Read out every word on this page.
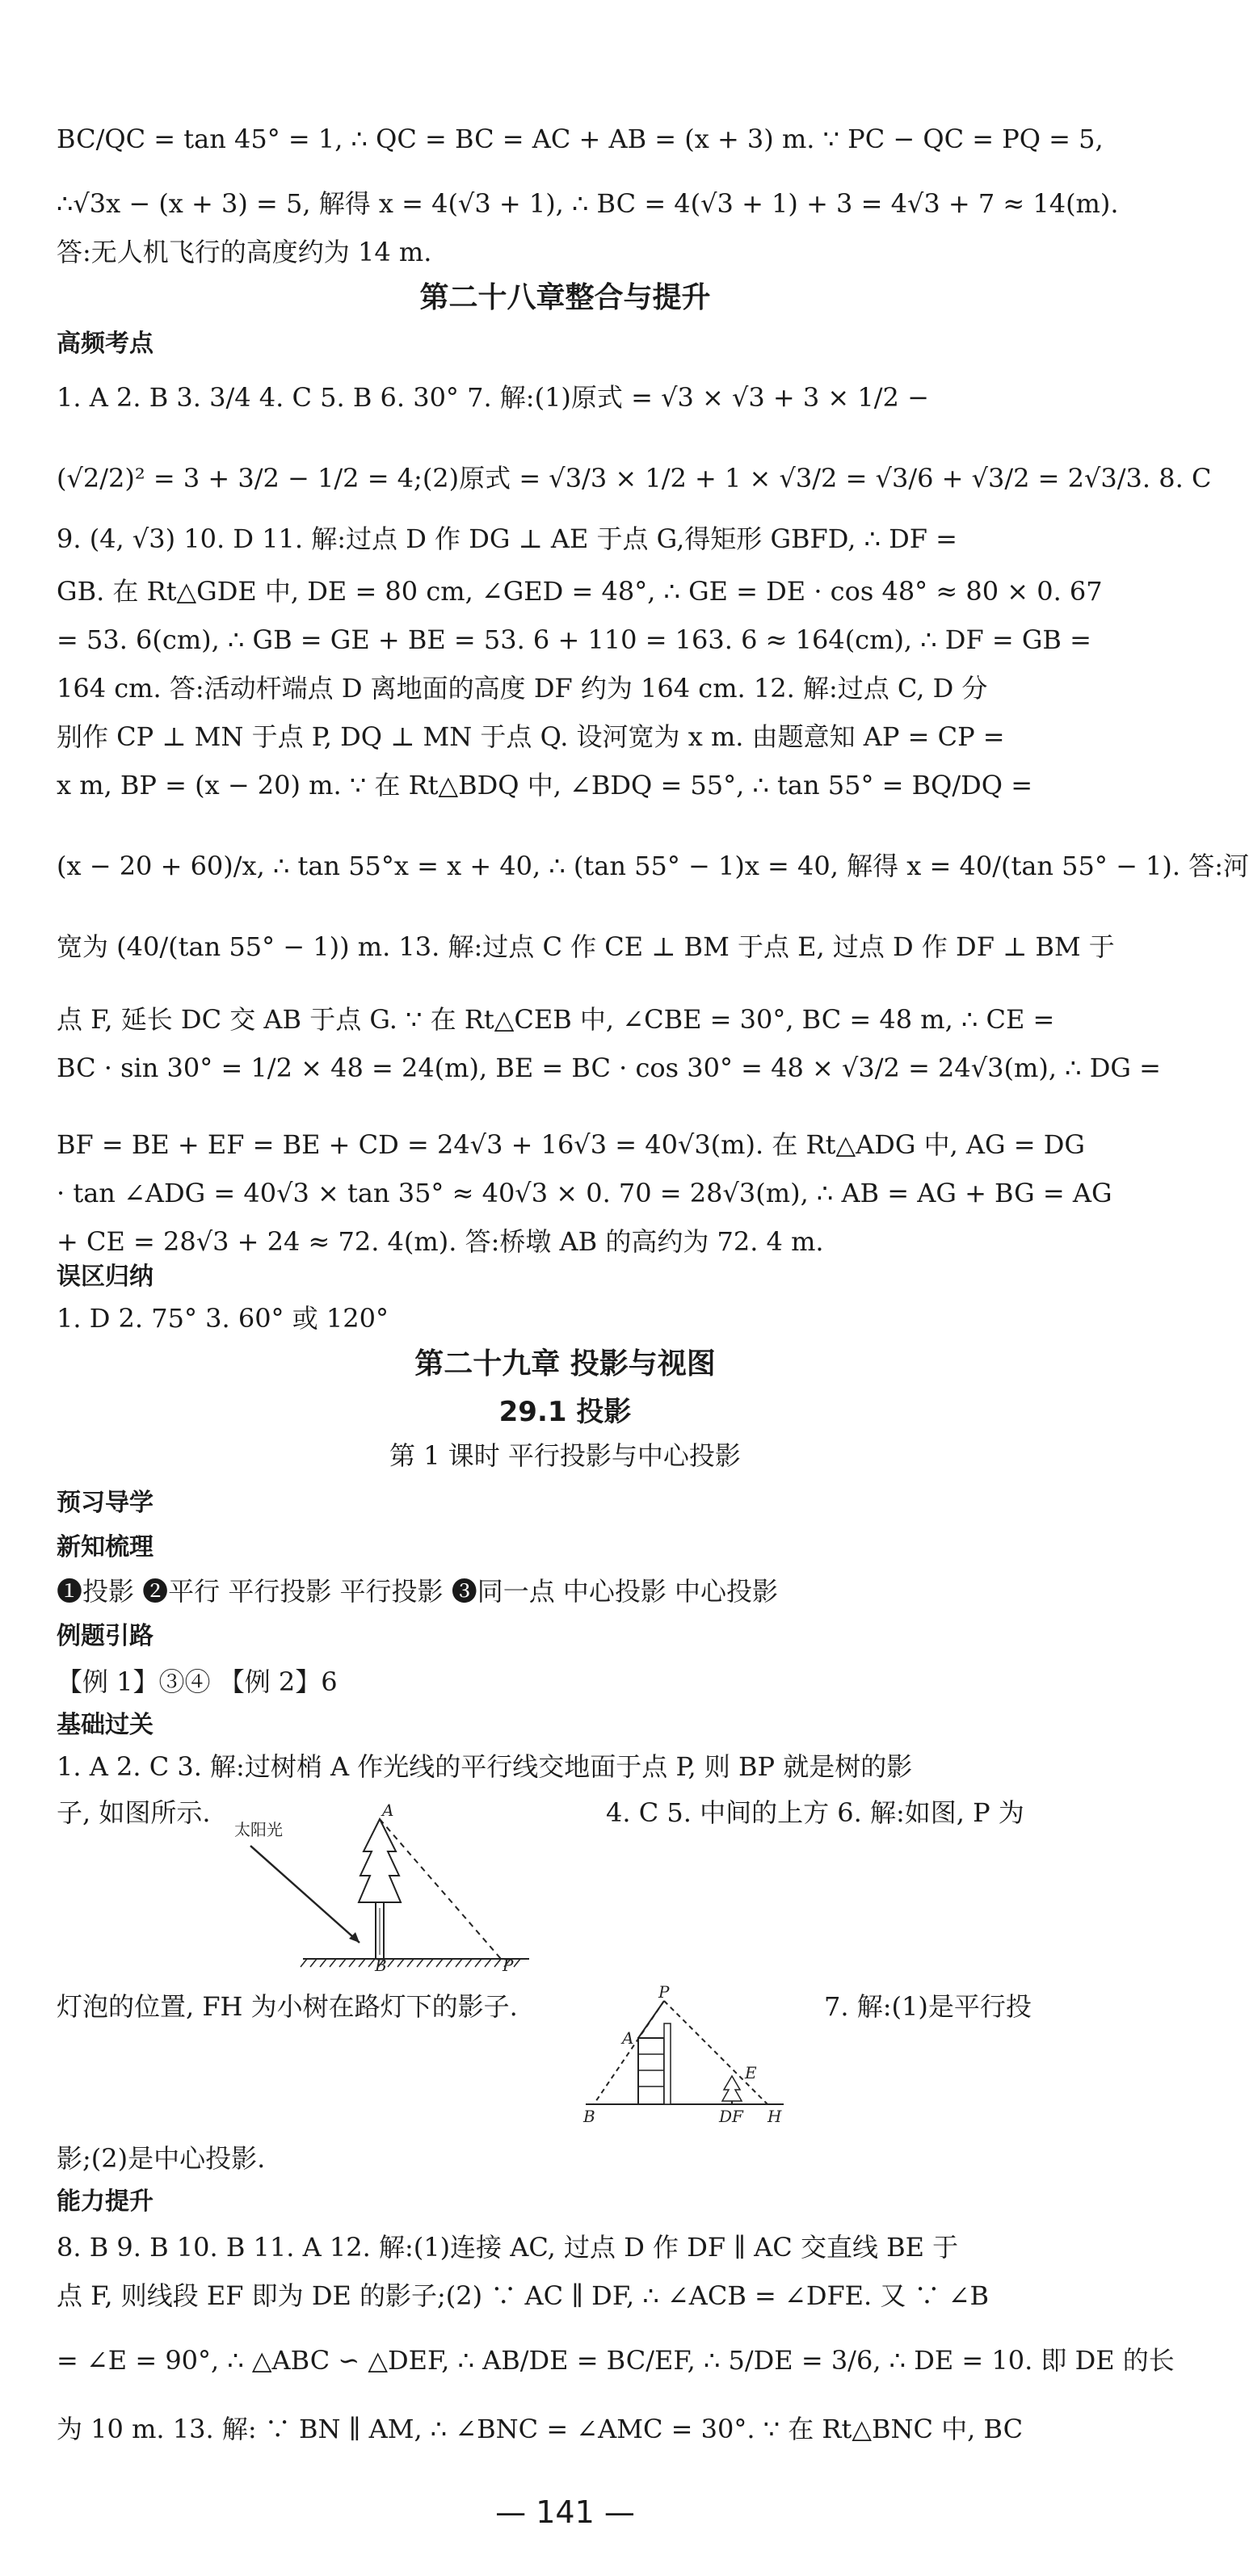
BC/QC = tan 45° = 1, ∴ QC = BC = AC + AB = (x + 3) m. ∵ PC − QC = PQ = 5,
∴√3x − (x + 3) = 5, 解得 x = 4(√3 + 1), ∴ BC = 4(√3 + 1) + 3 = 4√3 + 7 ≈ 14(m).
答:无人机飞行的高度约为 14 m.
第二十八章整合与提升
高频考点
1. A 2. B 3. 3/4 4. C 5. B 6. 30° 7. 解:(1)原式 = √3 × √3 + 3 × 1/2 −
(√2/2)² = 3 + 3/2 − 1/2 = 4;(2)原式 = √3/3 × 1/2 + 1 × √3/2 = √3/6 + √3/2 = 2√3/3. 8. C
9. (4, √3) 10. D 11. 解:过点 D 作 DG ⊥ AE 于点 G,得矩形 GBFD, ∴ DF =
GB. 在 Rt△GDE 中, DE = 80 cm, ∠GED = 48°, ∴ GE = DE · cos 48° ≈ 80 × 0. 67
= 53. 6(cm), ∴ GB = GE + BE = 53. 6 + 110 = 163. 6 ≈ 164(cm), ∴ DF = GB =
164 cm. 答:活动杆端点 D 离地面的高度 DF 约为 164 cm. 12. 解:过点 C, D 分
别作 CP ⊥ MN 于点 P, DQ ⊥ MN 于点 Q. 设河宽为 x m. 由题意知 AP = CP =
x m, BP = (x − 20) m. ∵ 在 Rt△BDQ 中, ∠BDQ = 55°, ∴ tan 55° = BQ/DQ =
(x − 20 + 60)/x, ∴ tan 55°x = x + 40, ∴ (tan 55° − 1)x = 40, 解得 x = 40/(tan 55° − 1). 答:河
宽为 (40/(tan 55° − 1)) m. 13. 解:过点 C 作 CE ⊥ BM 于点 E, 过点 D 作 DF ⊥ BM 于
点 F, 延长 DC 交 AB 于点 G. ∵ 在 Rt△CEB 中, ∠CBE = 30°, BC = 48 m, ∴ CE =
BC · sin 30° = 1/2 × 48 = 24(m), BE = BC · cos 30° = 48 × √3/2 = 24√3(m), ∴ DG =
BF = BE + EF = BE + CD = 24√3 + 16√3 = 40√3(m). 在 Rt△ADG 中, AG = DG
· tan ∠ADG = 40√3 × tan 35° ≈ 40√3 × 0. 70 = 28√3(m), ∴ AB = AG + BG = AG
+ CE = 28√3 + 24 ≈ 72. 4(m). 答:桥墩 AB 的高约为 72. 4 m.
误区归纳
1. D 2. 75° 3. 60° 或 120°
第二十九章 投影与视图
29.1 投影
第 1 课时 平行投影与中心投影
预习导学
新知梳理
❶投影 ❷平行 平行投影 平行投影 ❸同一点 中心投影 中心投影
例题引路
【例 1】③④ 【例 2】6
基础过关
1. A 2. C 3. 解:过树梢 A 作光线的平行线交地面于点 P, 则 BP 就是树的影
子, 如图所示.	4. C 5. 中间的上方 6. 解:如图, P 为
太阳光
A
B	P
灯泡的位置, FH 为小树在路灯下的影子.	7. 解:(1)是平行投
P
A
B
E
D F H
影;(2)是中心投影.
能力提升
8. B 9. B 10. B 11. A 12. 解:(1)连接 AC, 过点 D 作 DF ∥ AC 交直线 BE 于
点 F, 则线段 EF 即为 DE 的影子;(2) ∵ AC ∥ DF, ∴ ∠ACB = ∠DFE. 又 ∵ ∠B
= ∠E = 90°, ∴ △ABC ∽ △DEF, ∴ AB/DE = BC/EF, ∴ 5/DE = 3/6, ∴ DE = 10. 即 DE 的长
为 10 m. 13. 解: ∵ BN ∥ AM, ∴ ∠BNC = ∠AMC = 30°. ∵ 在 Rt△BNC 中, BC
— 141 —
